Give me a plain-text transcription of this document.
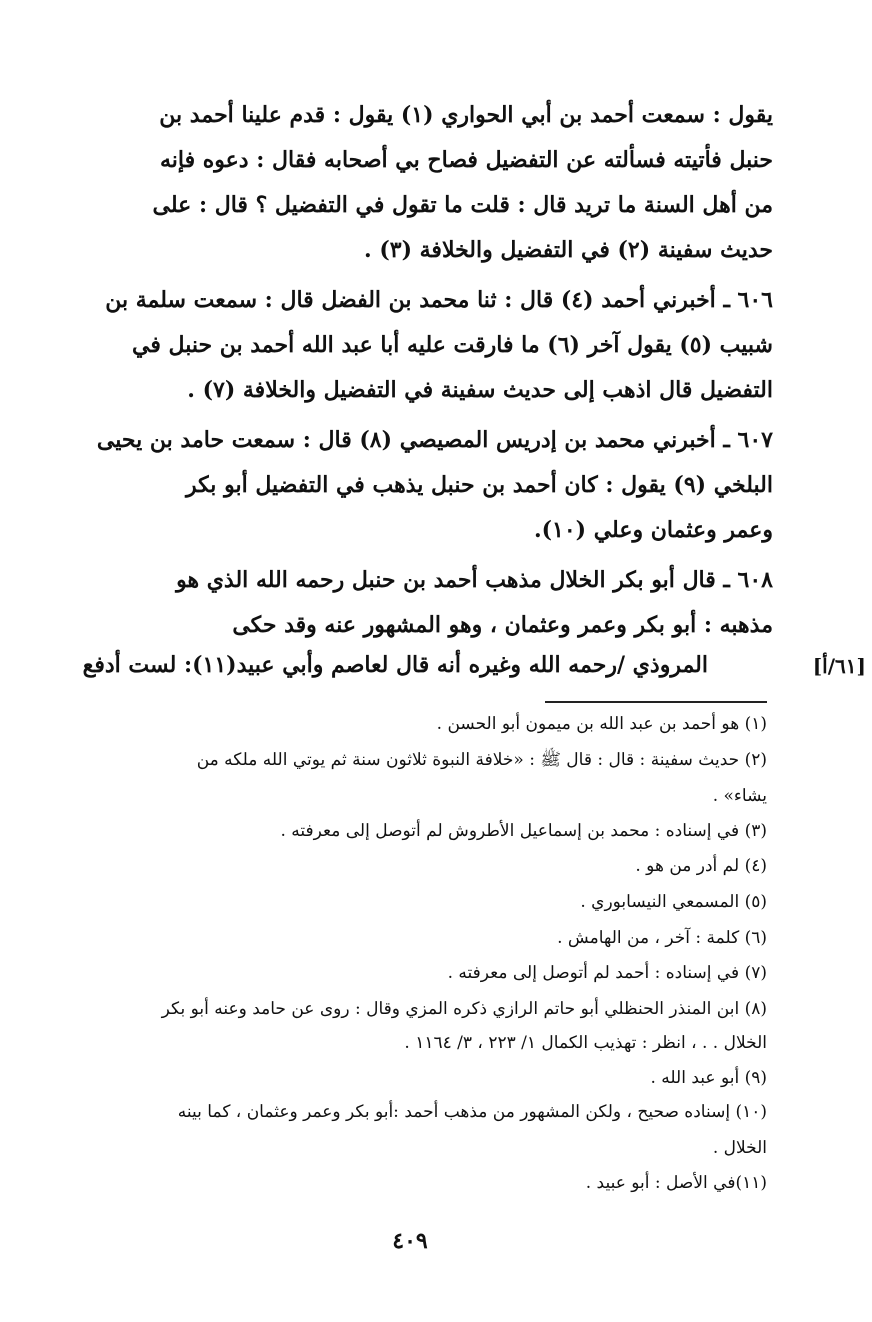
يقول : سمعت أحمد بن أبي الحواري (١) يقول : قدم علينا أحمد بن
حنبل فأتيته فسألته عن التفضيل فصاح بي أصحابه فقال : دعوه فإنه
من أهل السنة ما تريد قال : قلت ما تقول في التفضيل ؟ قال : على
حديث سفينة (٢) في التفضيل والخلافة (٣) .
٦٠٦ ـ أخبرني أحمد (٤) قال : ثنا محمد بن الفضل قال : سمعت سلمة بن
شبيب (٥) يقول آخر (٦) ما فارقت عليه أبا عبد الله أحمد بن حنبل في
التفضيل قال اذهب إلى حديث سفينة في التفضيل والخلافة (٧) .
٦٠٧ ـ أخبرني محمد بن إدريس المصيصي (٨) قال : سمعت حامد بن يحيى
البلخي (٩) يقول : كان أحمد بن حنبل يذهب في التفضيل أبو بكر
وعمر وعثمان وعلي (١٠).
٦٠٨ ـ قال أبو بكر الخلال مذهب أحمد بن حنبل رحمه الله الذي هو
مذهبه : أبو بكر وعمر وعثمان ، وهو المشهور عنه وقد حكى
المروذي /رحمه الله وغيره أنه قال لعاصم وأبي عبيد(١١): لست أدفع	[٦١/أ]
(١) هو أحمد بن عبد الله بن ميمون أبو الحسن .
(٢) حديث سفينة : قال : قال ﷺ : «خلافة النبوة ثلاثون سنة ثم يوتي الله ملكه من
يشاء» .
(٣) في إسناده : محمد بن إسماعيل الأطروش لم أتوصل إلى معرفته .
(٤) لم أدر من هو .
(٥) المسمعي النيسابوري .
(٦) كلمة : آخر ، من الهامش .
(٧) في إسناده : أحمد لم أتوصل إلى معرفته .
(٨) ابن المنذر الحنظلي أبو حاتم الرازي ذكره المزي وقال : روى عن حامد وعنه أبو بكر
الخلال . . ، انظر : تهذيب الكمال ١/ ٢٢٣ ، ٣/ ١١٦٤ .
(٩) أبو عبد الله .
(١٠) إسناده صحيح ، ولكن المشهور من مذهب أحمد :أبو بكر وعمر وعثمان ، كما بينه
الخلال .
(١١)في الأصل : أبو عبيد .
٤٠٩
